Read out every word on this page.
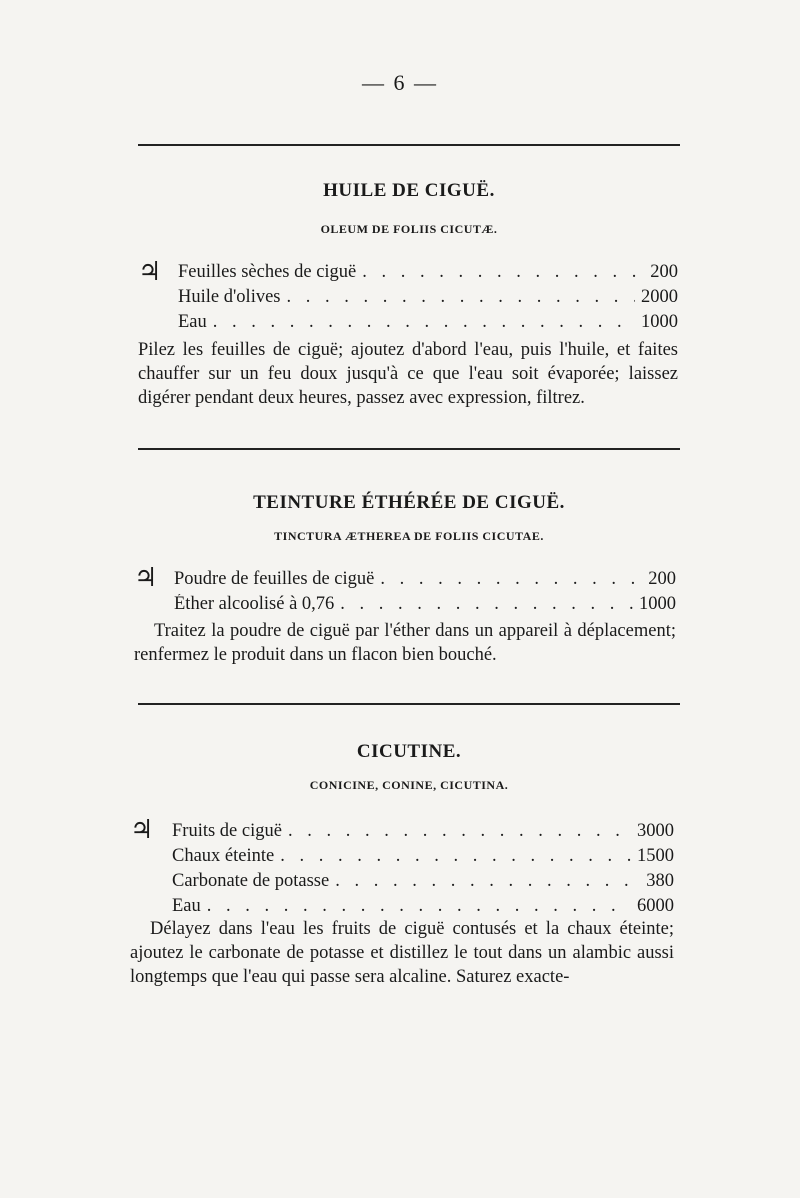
— 6 —
HUILE DE CIGUË.
OLEUM DE FOLIIS CICUTÆ.
♃ Feuilles sèches de ciguë . . .	200
Huile d'olives . . .	2000
Eau . . .	1000
Pilez les feuilles de ciguë; ajoutez d'abord l'eau, puis l'huile, et faites chauffer sur un feu doux jusqu'à ce que l'eau soit évaporée; laissez digérer pendant deux heures, passez avec expression, filtrez.
TEINTURE ÉTHÉRÉE DE CIGUË.
TINCTURA ÆTHEREA DE FOLIIS CICUTAE.
♃ Poudre de feuilles de ciguë . . .	200
Éther alcoolisé à 0,76 . . .	1000
Traitez la poudre de ciguë par l'éther dans un appareil à déplacement; renfermez le produit dans un flacon bien bouché.
CICUTINE.
CONICINE, CONINE, CICUTINA.
♃ Fruits de ciguë . . .	3000
Chaux éteinte . . .	1500
Carbonate de potasse . . .	380
Eau . . .	6000
Délayez dans l'eau les fruits de ciguë contusés et la chaux éteinte; ajoutez le carbonate de potasse et distillez le tout dans un alambic aussi longtemps que l'eau qui passe sera alcaline. Saturez exacte-
